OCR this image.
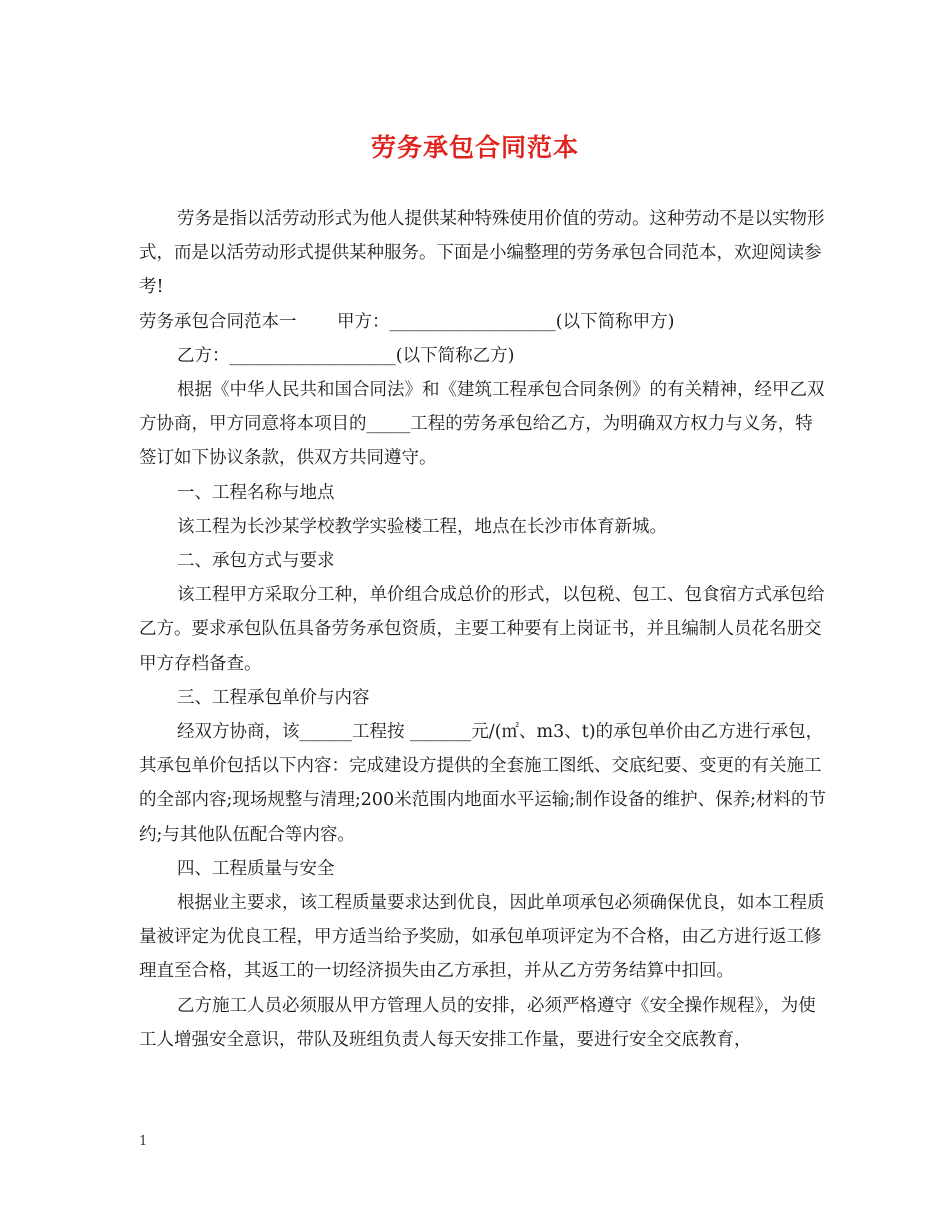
劳务承包合同范本

劳务是指以活劳动形式为他人提供某种特殊使用价值的劳动。这种劳动不是以实物形式，而是以活劳动形式提供某种服务。下面是小编整理的劳务承包合同范本，欢迎阅读参考!

劳务承包合同范本一 　　甲方：___________________(以下简称甲方)

乙方：___________________(以下简称乙方)

根据《中华人民共和国合同法》和《建筑工程承包合同条例》的有关精神，经甲乙双方协商，甲方同意将本项目的_____工程的劳务承包给乙方，为明确双方权力与义务，特签订如下协议条款，供双方共同遵守。

一、工程名称与地点

该工程为长沙某学校教学实验楼工程，地点在长沙市体育新城。

二、承包方式与要求

该工程甲方采取分工种，单价组合成总价的形式，以包税、包工、包食宿方式承包给乙方。要求承包队伍具备劳务承包资质，主要工种要有上岗证书，并且编制人员花名册交甲方存档备查。

三、工程承包单价与内容

经双方协商，该______工程按 _______元/(㎡、m3、t)的承包单价由乙方进行承包，其承包单价包括以下内容：完成建设方提供的全套施工图纸、交底纪要、变更的有关施工的全部内容;现场规整与清理;200米范围内地面水平运输;制作设备的维护、保养;材料的节约;与其他队伍配合等内容。

四、工程质量与安全

根据业主要求，该工程质量要求达到优良，因此单项承包必须确保优良，如本工程质量被评定为优良工程，甲方适当给予奖励，如承包单项评定为不合格，由乙方进行返工修理直至合格，其返工的一切经济损失由乙方承担，并从乙方劳务结算中扣回。

乙方施工人员必须服从甲方管理人员的安排，必须严格遵守《安全操作规程》，为使工人增强安全意识，带队及班组负责人每天安排工作量，要进行安全交底教育，

1
